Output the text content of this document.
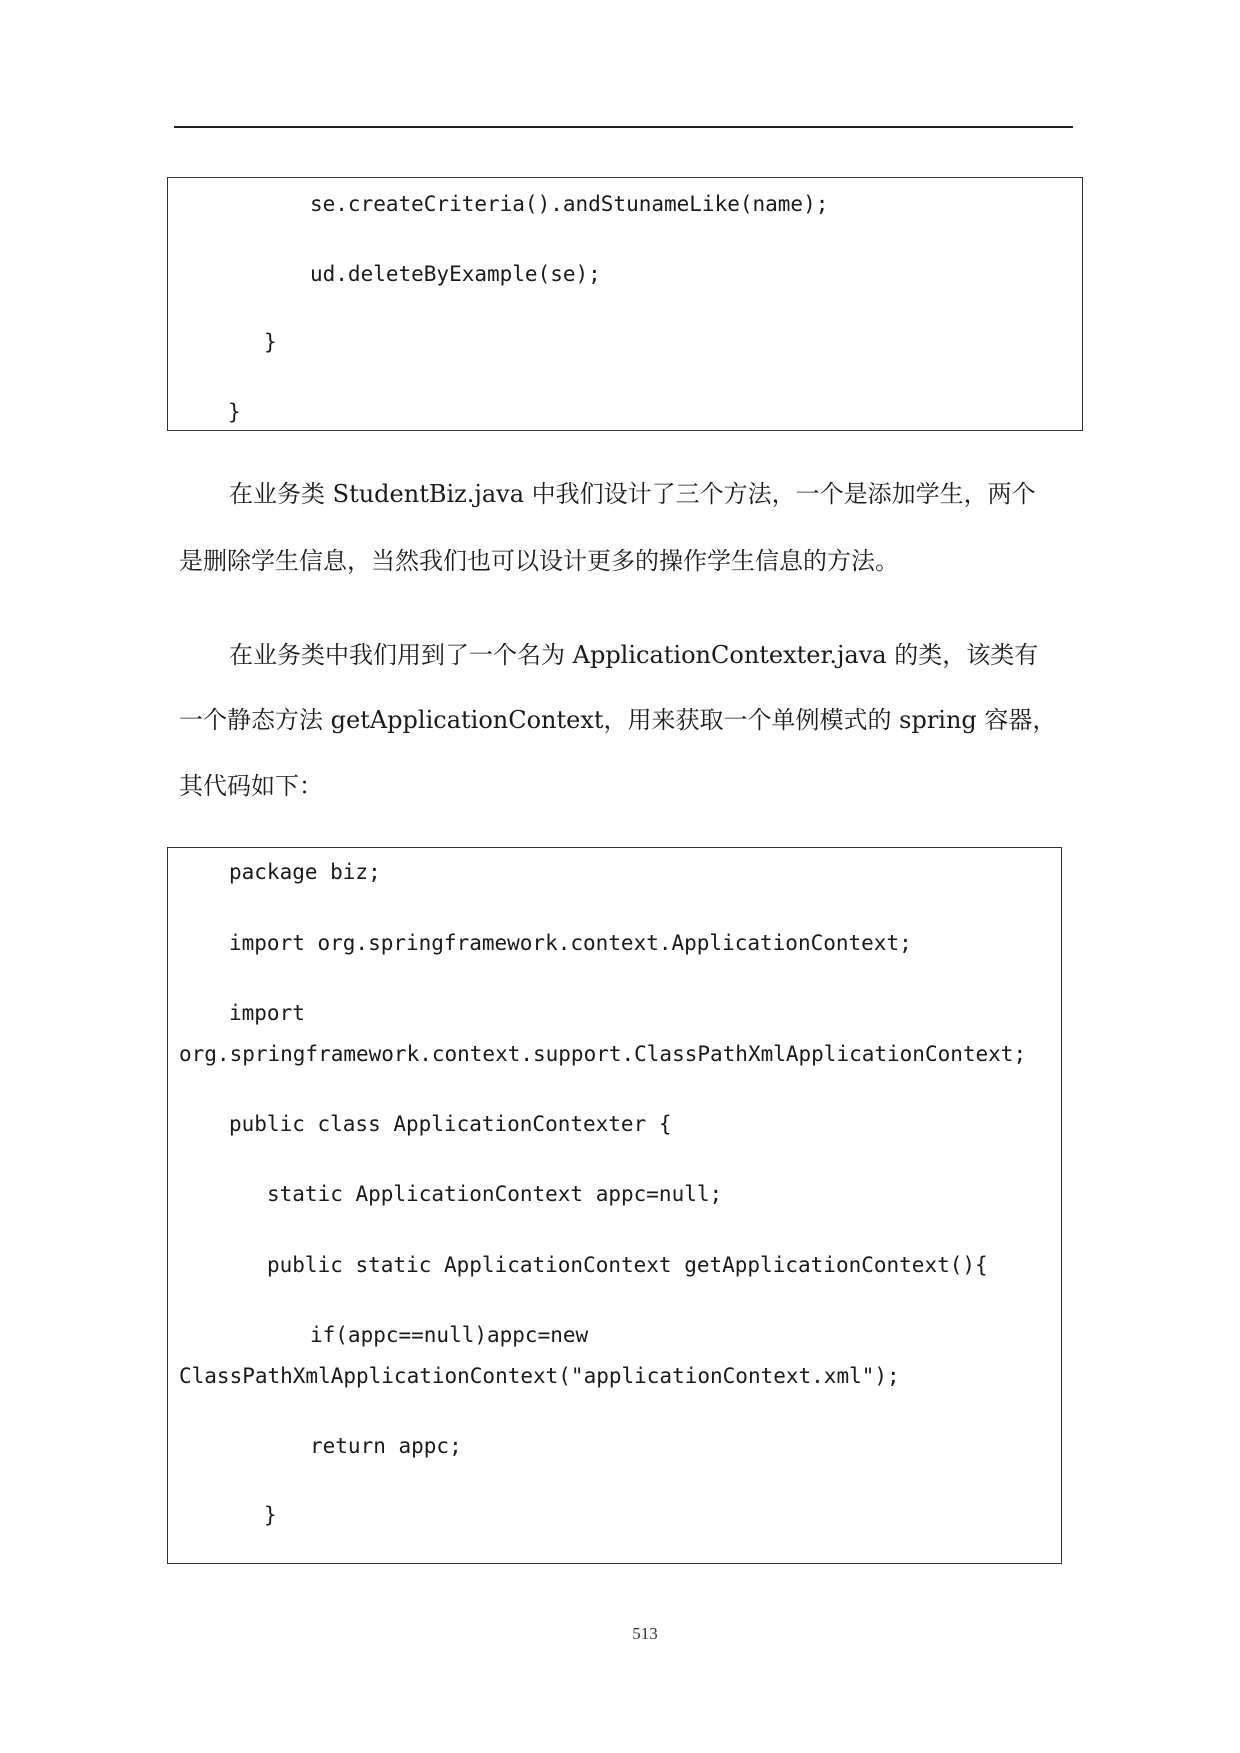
se.createCriteria().andStunameLike(name);
ud.deleteByExample(se);
}
}
在业务类 StudentBiz.java 中我们设计了三个方法，一个是添加学生，两个
是删除学生信息，当然我们也可以设计更多的操作学生信息的方法。
在业务类中我们用到了一个名为 ApplicationContexter.java 的类，该类有
一个静态方法 getApplicationContext，用来获取一个单例模式的 spring 容器，
其代码如下：
package biz;
import org.springframework.context.ApplicationContext;
import
org.springframework.context.support.ClassPathXmlApplicationContext;
public class ApplicationContexter {
static ApplicationContext appc=null;
public static ApplicationContext getApplicationContext(){
if(appc==null)appc=new
ClassPathXmlApplicationContext("applicationContext.xml");
return appc;
}
513
